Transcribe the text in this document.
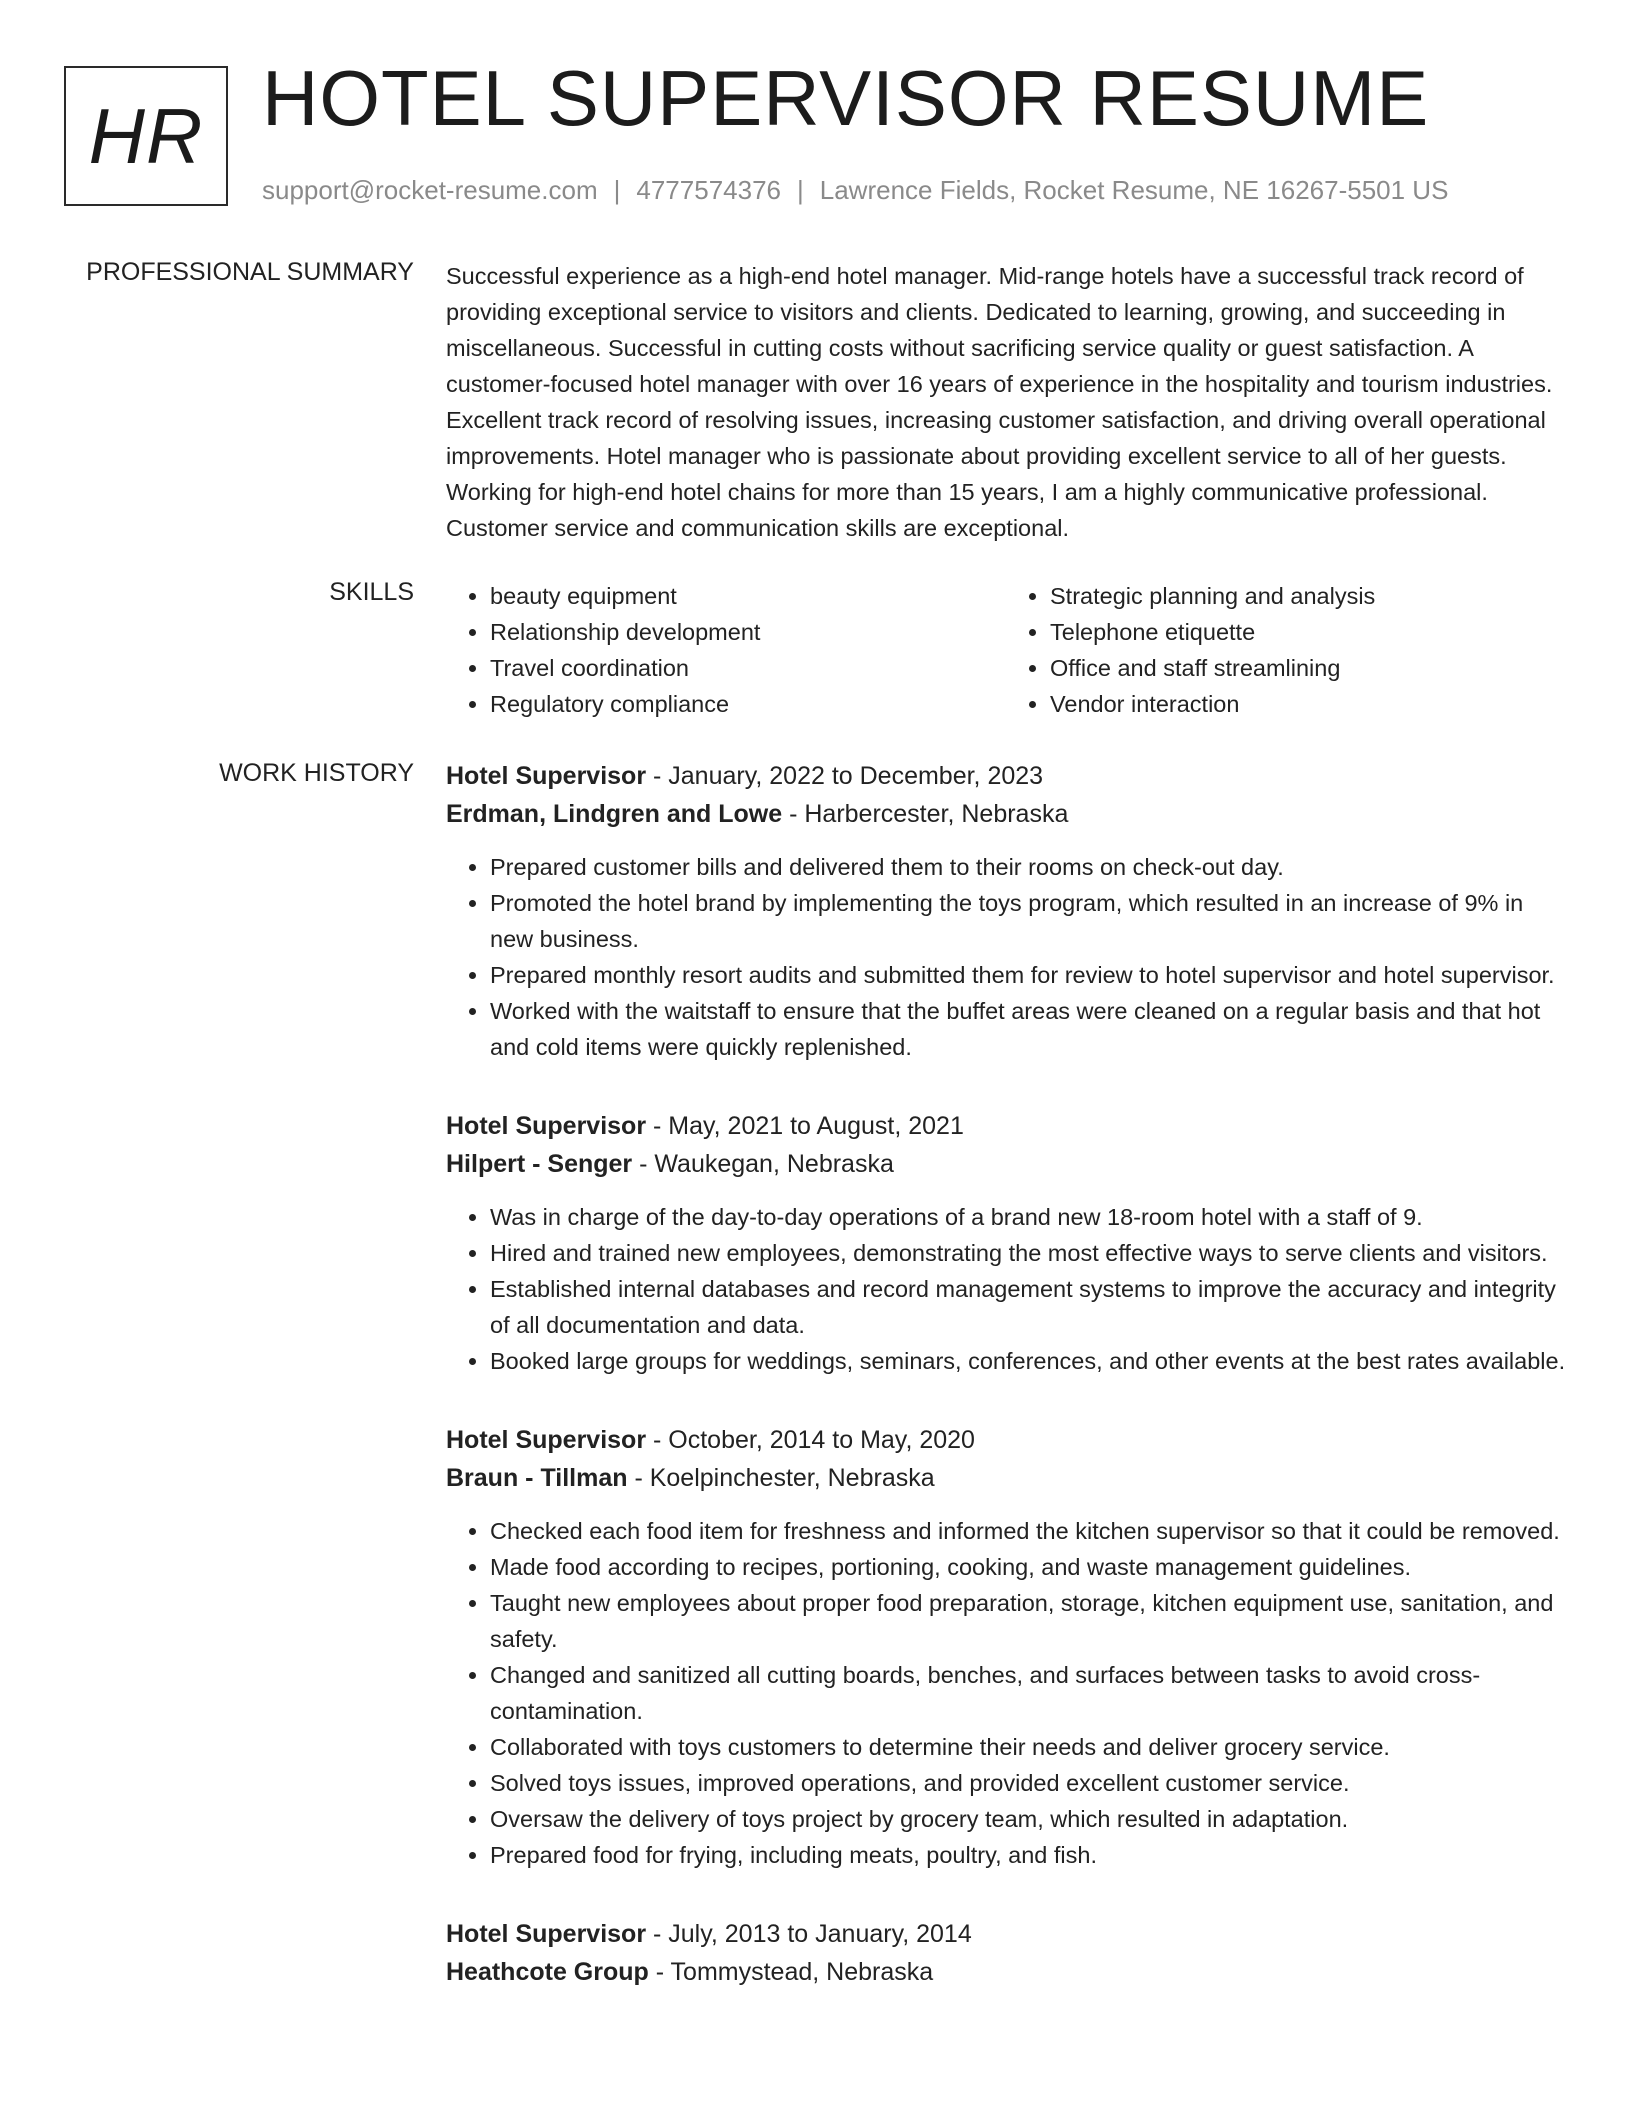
HR HOTEL SUPERVISOR RESUME
support@rocket-resume.com | 4777574376 | Lawrence Fields, Rocket Resume, NE 16267-5501 US
PROFESSIONAL SUMMARY Successful experience as a high-end hotel manager. Mid-range hotels have a successful track record of providing exceptional service to visitors and clients. Dedicated to learning, growing, and succeeding in miscellaneous. Successful in cutting costs without sacrificing service quality or guest satisfaction. A customer-focused hotel manager with over 16 years of experience in the hospitality and tourism industries. Excellent track record of resolving issues, increasing customer satisfaction, and driving overall operational improvements. Hotel manager who is passionate about providing excellent service to all of her guests. Working for high-end hotel chains for more than 15 years, I am a highly communicative professional. Customer service and communication skills are exceptional.
SKILLS
•	beauty equipment
• Relationship development
• Travel coordination
• Regulatory compliance
• Strategic planning and analysis
• Telephone etiquette
• Office and staff streamlining
• Vendor interaction
WORK HISTORY Hotel Supervisor - January, 2022 to December, 2023
Erdman, Lindgren and Lowe - Harbercester, Nebraska
• Prepared customer bills and delivered them to their rooms on check-out day.
• Promoted the hotel brand by implementing the toys program, which resulted in an increase of 9% in new business.
• Prepared monthly resort audits and submitted them for review to hotel supervisor and hotel supervisor.
• Worked with the waitstaff to ensure that the buffet areas were cleaned on a regular basis and that hot and cold items were quickly replenished.
Hotel Supervisor - May, 2021 to August, 2021
Hilpert - Senger - Waukegan, Nebraska
• Was in charge of the day-to-day operations of a brand new 18-room hotel with a staff of 9.
• Hired and trained new employees, demonstrating the most effective ways to serve clients and visitors.
• Established internal databases and record management systems to improve the accuracy and integrity of all documentation and data.
• Booked large groups for weddings, seminars, conferences, and other events at the best rates available.
Hotel Supervisor - October, 2014 to May, 2020
Braun - Tillman - Koelpinchester, Nebraska
• Checked each food item for freshness and informed the kitchen supervisor so that it could be removed.
• Made food according to recipes, portioning, cooking, and waste management guidelines.
• Taught new employees about proper food preparation, storage, kitchen equipment use, sanitation, and safety.
• Changed and sanitized all cutting boards, benches, and surfaces between tasks to avoid cross-contamination.
• Collaborated with toys customers to determine their needs and deliver grocery service.
• Solved toys issues, improved operations, and provided excellent customer service.
• Oversaw the delivery of toys project by grocery team, which resulted in adaptation.
• Prepared food for frying, including meats, poultry, and fish.
Hotel Supervisor - July, 2013 to January, 2014
Heathcote Group - Tommystead, Nebraska
